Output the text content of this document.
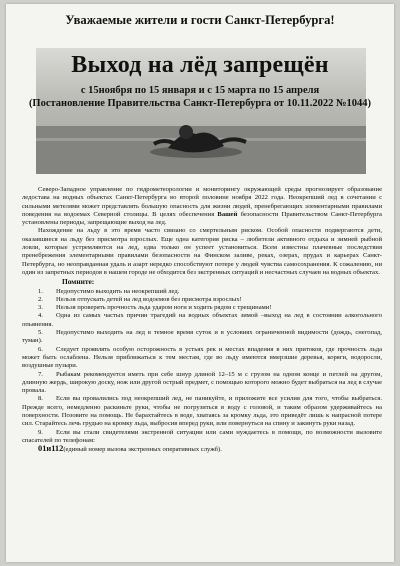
Уважаемые жители и гости Санкт-Петербурга!
Выход на лёд запрещён
с 15ноября по 15 января и с 15 марта по 15 апреля
(Постановление Правительства Санкт-Петербурга от 10.11.2022 №1044)

Северо-Западное управление по гидрометеорологии и мониторингу окружающей среды прогнозирует образование ледостава на водных объектах Санкт-Петербурга во второй половине ноября 2022 года. Неокрепший лед в сочетании с сильными метелями может представлять большую опасность для жизни людей, пренебрегающих элементарными правилами поведения на водоемах Северной столицы. В целях обеспечения Вашей безопасности Правительством Санкт-Петербурга установлены периоды, запрещающие выход на лед.

Нахождение на льду в это время часто связано со смертельным риском. Особой опасности подвергаются дети, оказавшиеся на льду без присмотра взрослых. Еще одна категория риска – любители активного отдыха и зимней рыбной ловли, которые устремляются на лед, едва только он успеет установиться. Всем известны плачевные последствия пренебрежения элементарными правилами безопасности на Финском заливе, реках, озерах, прудах и карьерах Санкт-Петербурга, но неоправданная удаль и азарт нередко способствуют потере у людей чувства самосохранения. К сожалению, ни один из запретных периодов в нашем городе не обходится без экстренных ситуаций и несчастных случаев на водных объектах.

Помните:

1. Недопустимо выходить на неокрепший лед.

2. Нельзя отпускать детей на лед водоемов без присмотра взрослых!

3. Нельзя проверять прочность льда ударом ноги и ходить рядом с трещинами!

4. Одна из самых частых причин трагедий на водных объектах зимой –выход на лед в состоянии алкогольного опьянения.

5. Недопустимо выходить на лед в темное время суток и в условиях ограниченной видимости (дождь, снегопад, туман).

6. Следует проявлять особую осторожность в устьях рек и местах впадения в них притоков, где прочность льда может быть ослаблена. Нельзя приближаться к тем местам, где во льду имеются вмерзшие деревья, коряги, водоросли, воздушные пузыри.

7. Рыбакам рекомендуется иметь при себе шнур длиной 12–15 м с грузом на одном конце и петлей на другом, длинную жердь, широкую доску, нож или другой острый предмет, с помощью которого можно будет выбраться на лед в случае провала.

8. Если вы провалились под неокрепший лед, не паникуйте, и приложите все усилия для того, чтобы выбраться. Прежде всего, немедленно раскиньте руки, чтобы не погрузиться в воду с головой, и таким образом удерживайтесь на поверхности. Позовите на помощь. Не барахтайтесь в воде, хватаясь за кромку льда, это приведёт лишь к напрасной потере сил. Старайтесь лечь грудью на кромку льда, выбросив вперед руки, или повернуться на спину и закинуть руки назад.

9. Если вы стали свидетелями экстренной ситуации или сами нуждаетесь в помощи, по возможности вызовите спасателей по телефонам:

01и112(единый номер вызова экстренных оперативных служб).
